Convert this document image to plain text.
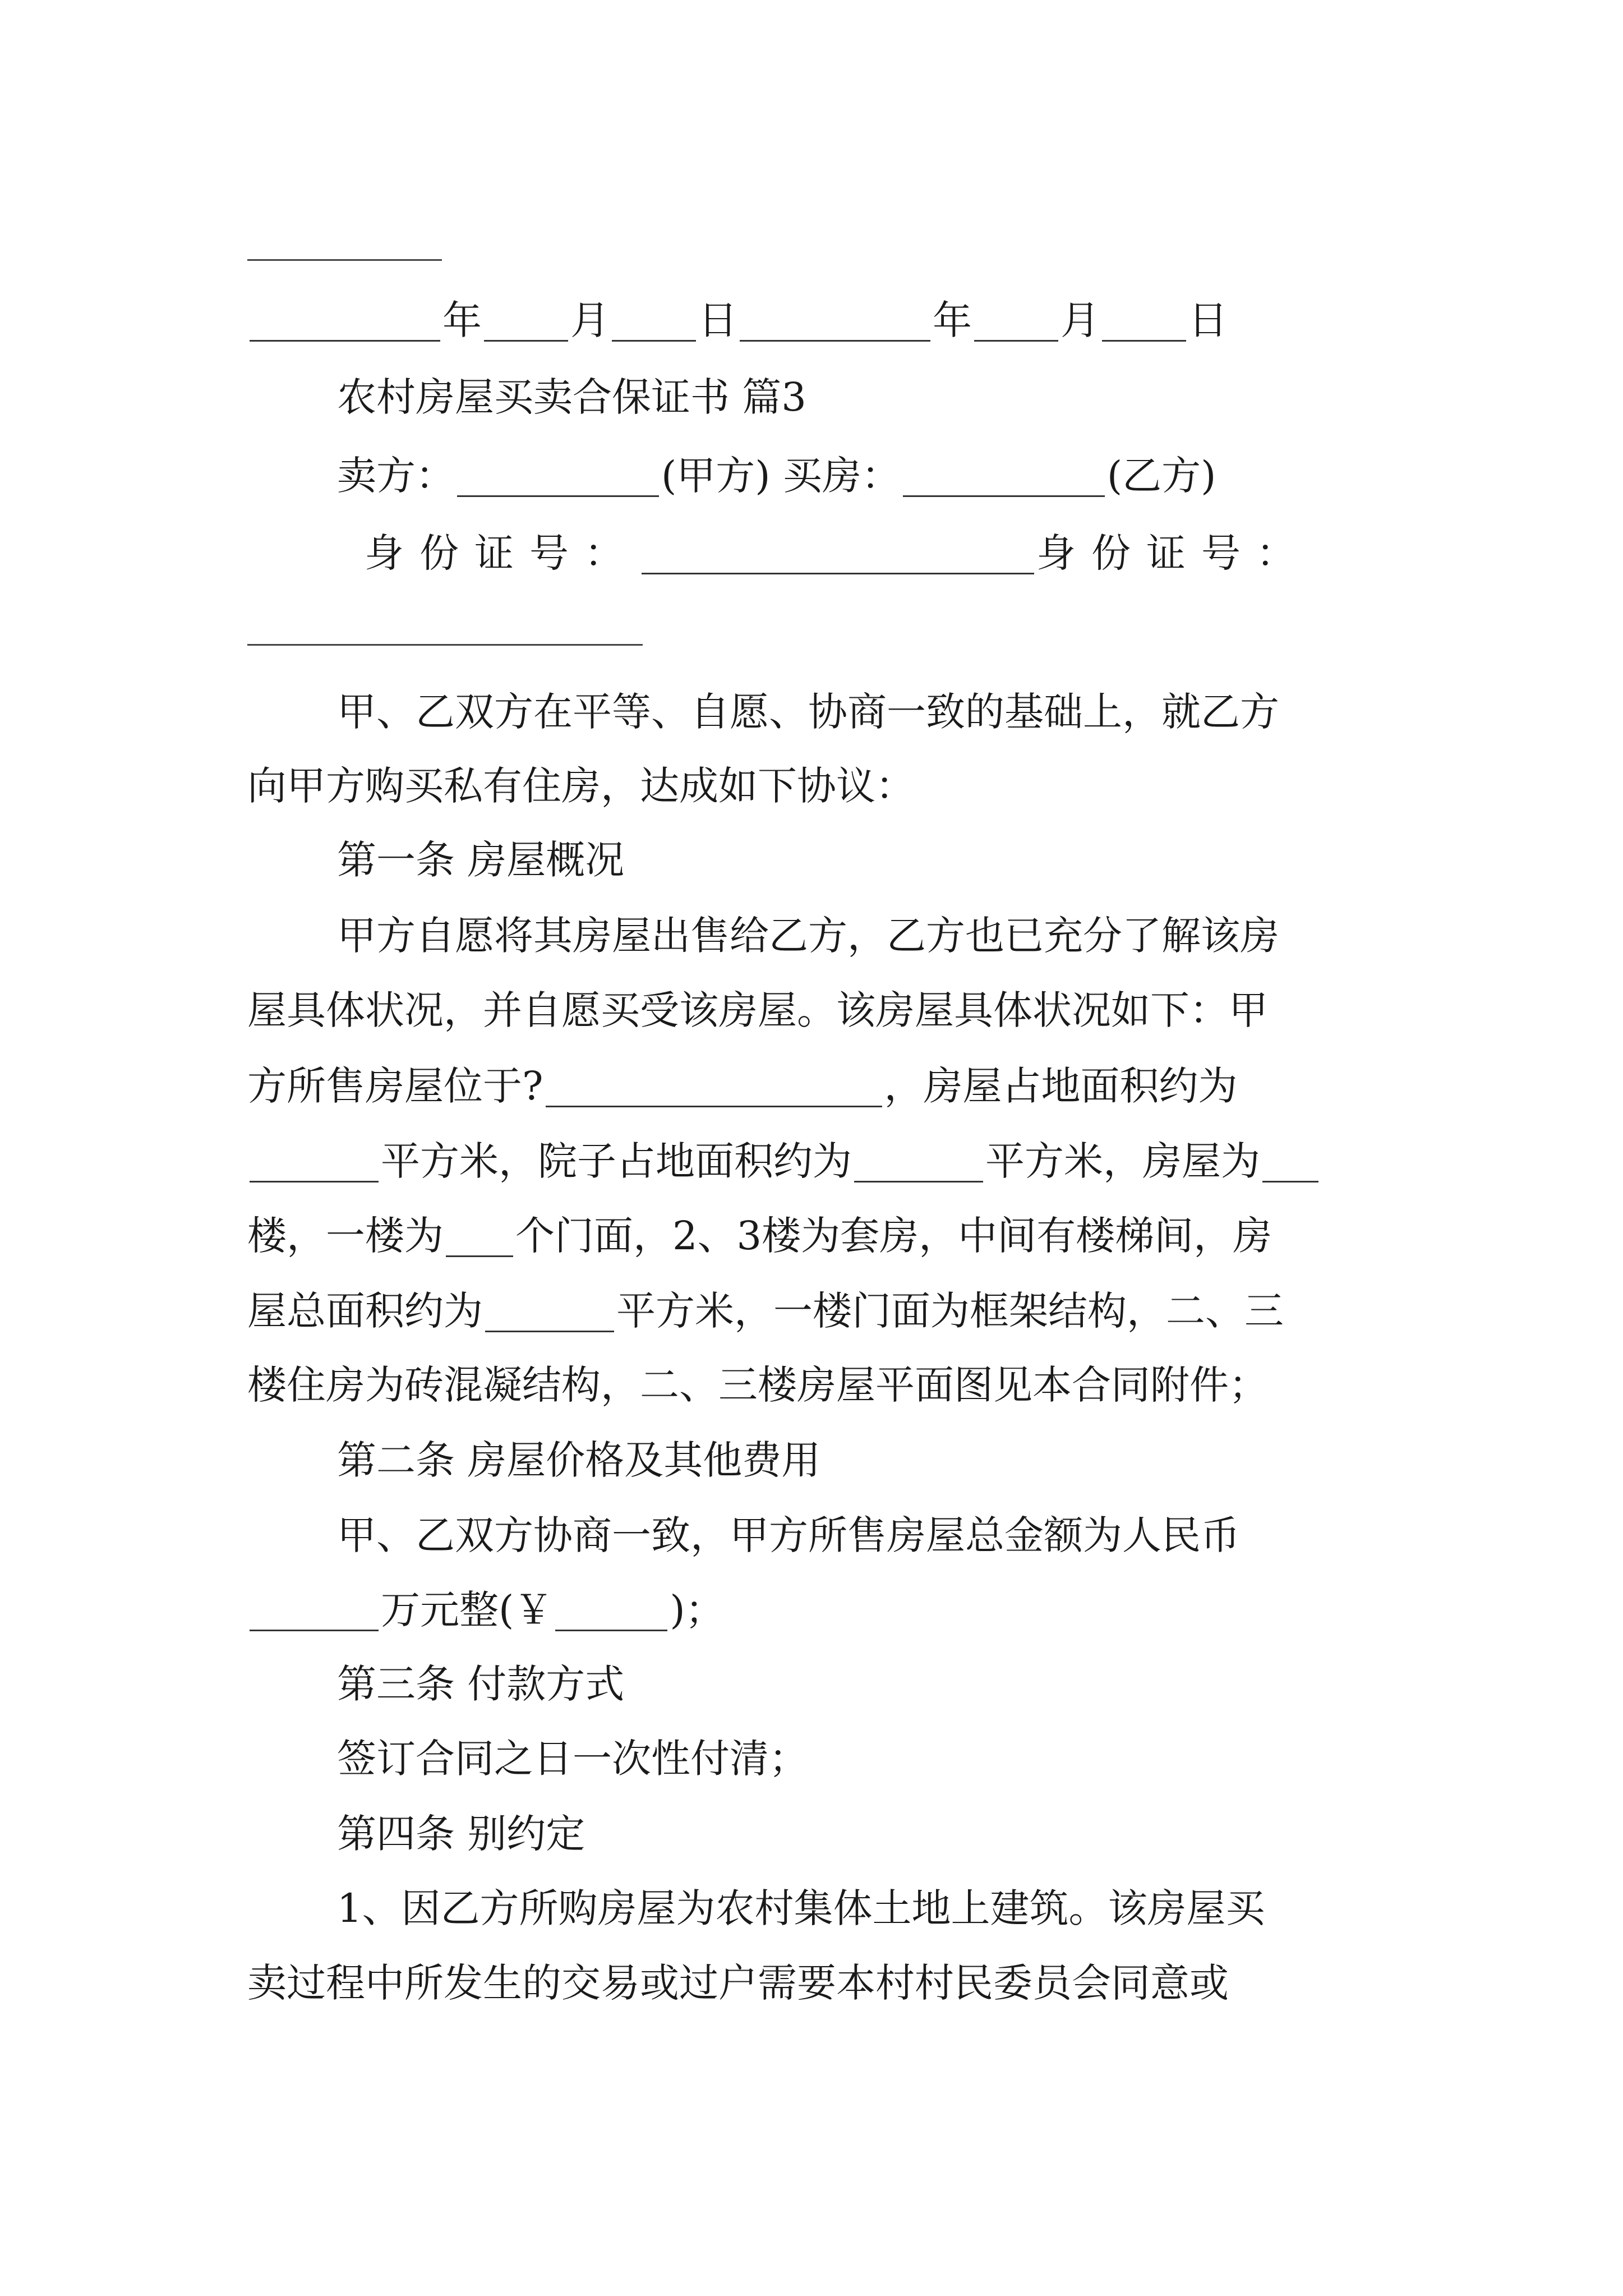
年 月 日	年 月 日
农村房屋买卖合保证书 篇3
卖方：	(甲方) 买房：	(乙方)
身份证号：	身份证号：
甲、乙双方在平等、自愿、协商一致的基础上，就乙方
向甲方购买私有住房，达成如下协议：
第一条 房屋概况
甲方自愿将其房屋出售给乙方，乙方也已充分了解该房
屋具体状况，并自愿买受该房屋。该房屋具体状况如下：甲
方所售房屋位于?	，房屋占地面积约为
平方米，院子占地面积约为	平方米，房屋为
楼，一楼为 个门面，2、3楼为套房，中间有楼梯间，房
屋总面积约为	平方米，一楼门面为框架结构，二、三
楼住房为砖混凝结构，二、三楼房屋平面图见本合同附件；
第二条 房屋价格及其他费用
甲、乙双方协商一致，甲方所售房屋总金额为人民币
万元整(￥	)；
第三条 付款方式
签订合同之日一次性付清；
第四条 别约定
1、因乙方所购房屋为农村集体土地上建筑。该房屋买
卖过程中所发生的交易或过户需要本村村民委员会同意或
